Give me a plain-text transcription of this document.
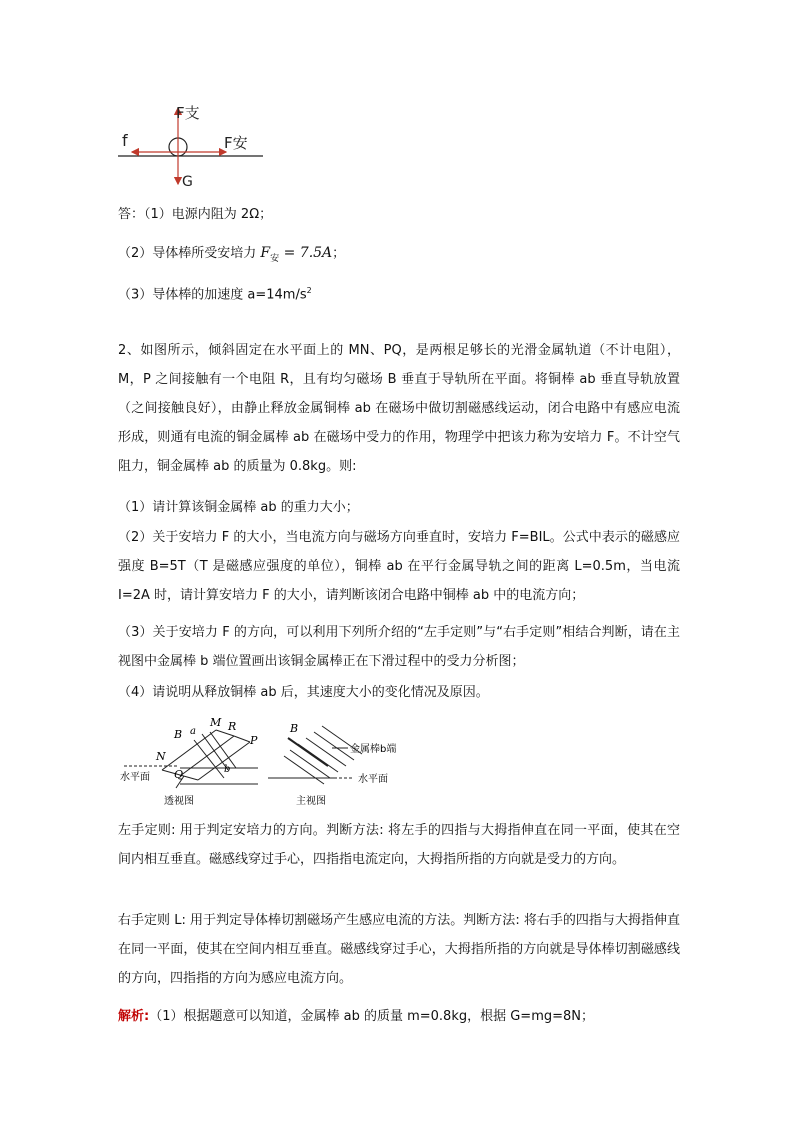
F支
f	F安
G
答：（1）电源内阻为 2Ω；
（2）导体棒所受安培力 $F_安 = 7.5A$；
（3）导体棒的加速度 $a=14m/s^2$

2、如图所示，倾斜固定在水平面上的 MN、PQ，是两根足够长的光滑金属轨道（不计电阻），M，P 之间接触有一个电阻 R，且有均匀磁场 B 垂直于导轨所在平面。将铜棒 ab 垂直导轨放置（之间接触良好），由静止释放金属铜棒 ab 在磁场中做切割磁感线运动，闭合电路中有感应电流形成，则通有电流的铜金属棒 ab 在磁场中受力的作用，物理学中把该力称为安培力 F。不计空气阻力，铜金属棒 ab 的质量为 0.8kg。则:

（1）请计算该铜金属棒 ab 的重力大小；

（2）关于安培力 F 的大小，当电流方向与磁场方向垂直时，安培力 F=BIL。公式中表示的磁感应强度 B=5T（T 是磁感应强度的单位），铜棒 ab 在平行金属导轨之间的距离 L=0.5m，当电流 I=2A 时，请计算安培力 F 的大小，请判断该闭合电路中铜棒 ab 中的电流方向；

（3）关于安培力 F 的方向，可以利用下列所介绍的“左手定则”与“右手定则”相结合判断，请在主视图中金属棒 b 端位置画出该铜金属棒正在下滑过程中的受力分析图；

（4）请说明从释放铜棒 ab 后，其速度大小的变化情况及原因。

B a
M R
P
N
Q	b
水平面
透视图
B
金属棒b端
水平面
主视图

左手定则: 用于判定安培力的方向。判断方法: 将左手的四指与大拇指伸直在同一平面，使其在空间内相互垂直。磁感线穿过手心，四指指电流定向，大拇指所指的方向就是受力的方向。

右手定则 L: 用于判定导体棒切割磁场产生感应电流的方法。判断方法: 将右手的四指与大拇指伸直在同一平面，使其在空间内相互垂直。磁感线穿过手心，大拇指所指的方向就是导体棒切割磁感线的方向，四指指的方向为感应电流方向。

解析:（1）根据题意可以知道，金属棒 ab 的质量 m=0.8kg，根据 G=mg=8N；
